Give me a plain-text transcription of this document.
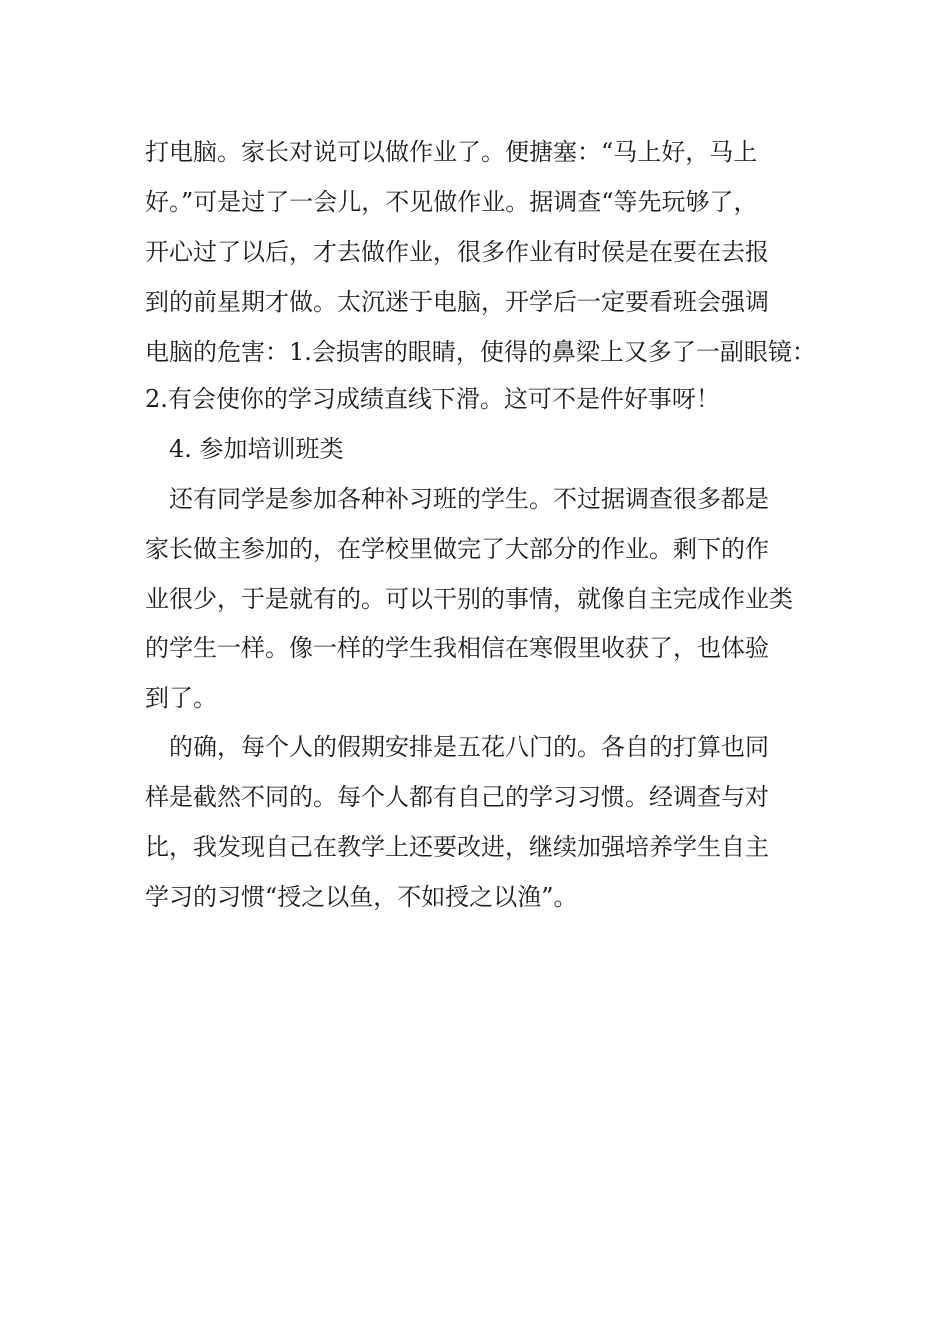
打电脑。家长对说可以做作业了。便搪塞：“马上好，马上
好。”可是过了一会儿，不见做作业。据调查“等先玩够了，
开心过了以后，才去做作业，很多作业有时侯是在要在去报
到的前星期才做。太沉迷于电脑，开学后一定要看班会强调
电脑的危害：1.会损害的眼睛，使得的鼻梁上又多了一副眼镜：
2.有会使你的学习成绩直线下滑。这可不是件好事呀！
4. 参加培训班类
还有同学是参加各种补习班的学生。不过据调查很多都是
家长做主参加的，在学校里做完了大部分的作业。剩下的作
业很少，于是就有的。可以干别的事情，就像自主完成作业类
的学生一样。像一样的学生我相信在寒假里收获了，也体验
到了。
的确，每个人的假期安排是五花八门的。各自的打算也同
样是截然不同的。每个人都有自己的学习习惯。经调查与对
比，我发现自己在教学上还要改进，继续加强培养学生自主
学习的习惯“授之以鱼，不如授之以渔”。
